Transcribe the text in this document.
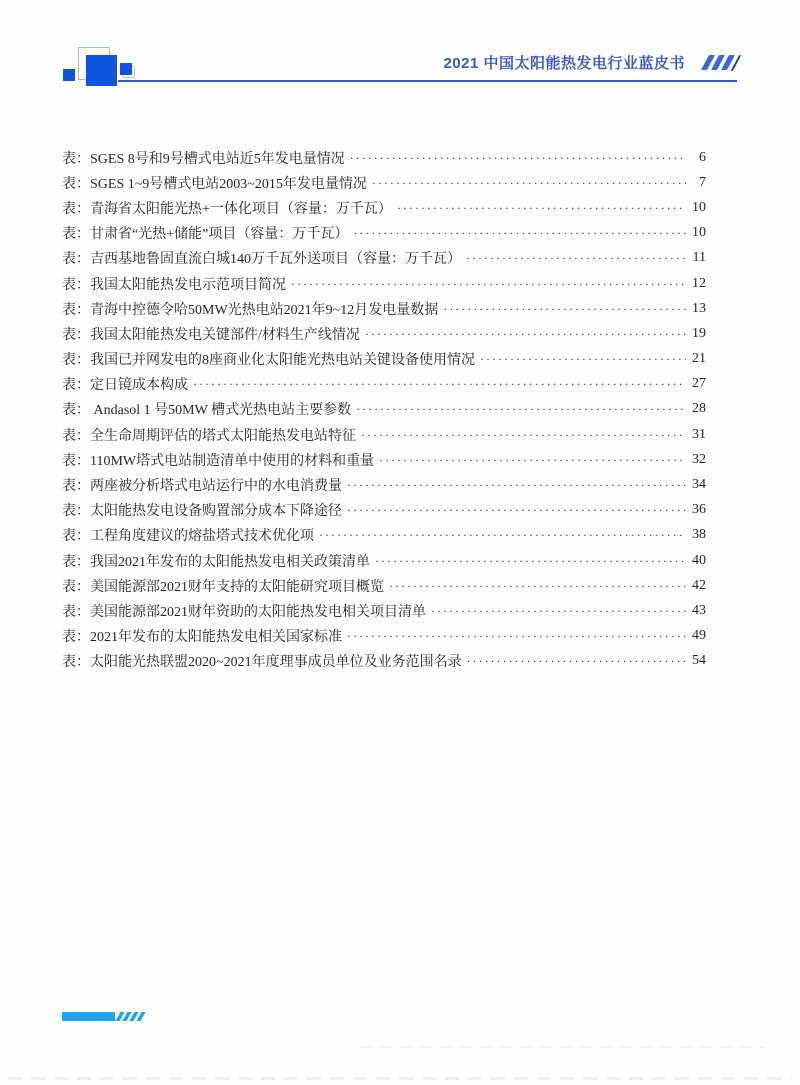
2021 中国太阳能热发电行业蓝皮书
表：SGES 8号和9号槽式电站近5年发电量情况 ·····	6
表：SGES 1~9号槽式电站2003~2015年发电量情况 ·····	7
表：青海省太阳能光热+一体化项目（容量：万千瓦） ·····	10
表：甘肃省“光热+储能”项目（容量：万千瓦） ·····	10
表：吉西基地鲁固直流白城140万千瓦外送项目（容量：万千瓦） ·····	11
表：我国太阳能热发电示范项目简况 ·····	12
表：青海中控德令哈50MW光热电站2021年9~12月发电量数据 ·····	13
表：我国太阳能热发电关键部件/材料生产线情况 ·····	19
表：我国已并网发电的8座商业化太阳能光热电站关键设备使用情况 ·····	21
表：定日镜成本构成 ·····	27
表： Andasol 1 号50MW 槽式光热电站主要参数 ·····	28
表：全生命周期评估的塔式太阳能热发电站特征 ·····	31
表：110MW塔式电站制造清单中使用的材料和重量 ·····	32
表：两座被分析塔式电站运行中的水电消费量 ·····	34
表：太阳能热发电设备购置部分成本下降途径 ·····	36
表：工程角度建议的熔盐塔式技术优化项 ·····	38
表：我国2021年发布的太阳能热发电相关政策清单 ·····	40
表：美国能源部2021财年支持的太阳能研究项目概览 ·····	42
表：美国能源部2021财年资助的太阳能热发电相关项目清单 ·····	43
表：2021年发布的太阳能热发电相关国家标准 ·····	49
表：太阳能光热联盟2020~2021年度理事成员单位及业务范围名录 ·····	54
